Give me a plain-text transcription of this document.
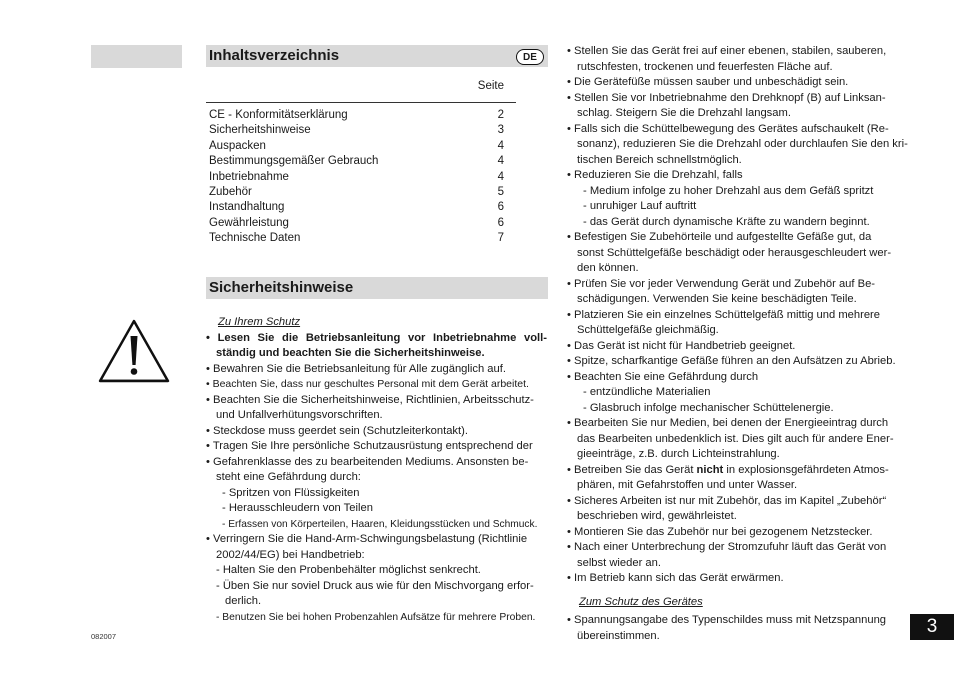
Inhaltsverzeichnis	DE
Seite
CE - Konformitätserklärung	2
Sicherheitshinweise	3
Auspacken	4
Bestimmungsgemäßer Gebrauch	4
Inbetriebnahme	4
Zubehör	5
Instandhaltung	6
Gewährleistung	6
Technische Daten	7
Sicherheitshinweise

Zu Ihrem Schutz

• Lesen Sie die Betriebsanleitung vor Inbetriebnahme voll-

ständig und beachten Sie die Sicherheitshinweise.

• Bewahren Sie die Betriebsanleitung für Alle zugänglich auf.

• Beachten Sie, dass nur geschultes Personal mit dem Gerät arbeitet.

• Beachten Sie die Sicherheitshinweise, Richtlinien, Arbeitsschutz-

und Unfallverhütungsvorschriften.

• Steckdose muss geerdet sein (Schutzleiterkontakt).

• Tragen Sie Ihre persönliche Schutzausrüstung entsprechend der

• Gefahrenklasse des zu bearbeitenden Mediums. Ansonsten be-

steht eine Gefährdung durch:

- Spritzen von Flüssigkeiten

- Herausschleudern von Teilen

- Erfassen von Körperteilen, Haaren, Kleidungsstücken und Schmuck.

• Verringern Sie die Hand-Arm-Schwingungsbelastung (Richtlinie

2002/44/EG) bei Handbetrieb:

- Halten Sie den Probenbehälter möglichst senkrecht.

- Üben Sie nur soviel Druck aus wie für den Mischvorgang erfor-

derlich.

- Benutzen Sie bei hohen Probenzahlen Aufsätze für mehrere Proben.

• Stellen Sie das Gerät frei auf einer ebenen, stabilen, sauberen,

rutschfesten, trockenen und feuerfesten Fläche auf.

• Die Gerätefüße müssen sauber und unbeschädigt sein.

• Stellen Sie vor Inbetriebnahme den Drehknopf (B) auf Linksan-

schlag. Steigern Sie die Drehzahl langsam.

• Falls sich die Schüttelbewegung des Gerätes aufschaukelt (Re-

sonanz), reduzieren Sie die Drehzahl oder durchlaufen Sie den kri-

tischen Bereich schnellstmöglich.

• Reduzieren Sie die Drehzahl, falls

- Medium infolge zu hoher Drehzahl aus dem Gefäß spritzt

- unruhiger Lauf auftritt

- das Gerät durch dynamische Kräfte zu wandern beginnt.

• Befestigen Sie Zubehörteile und aufgestellte Gefäße gut, da

sonst Schüttelgefäße beschädigt oder herausgeschleudert wer-

den können.

• Prüfen Sie vor jeder Verwendung Gerät und Zubehör auf Be-

schädigungen. Verwenden Sie keine beschädigten Teile.

• Platzieren Sie ein einzelnes Schüttelgefäß mittig und mehrere

Schüttelgefäße gleichmäßig.

• Das Gerät ist nicht für Handbetrieb geeignet.

• Spitze, scharfkantige Gefäße führen an den Aufsätzen zu Abrieb.

• Beachten Sie eine Gefährdung durch

- entzündliche Materialien

- Glasbruch infolge mechanischer Schüttelenergie.

• Bearbeiten Sie nur Medien, bei denen der Energieeintrag durch

das Bearbeiten unbedenklich ist. Dies gilt auch für andere Ener-

gieeinträge, z.B. durch Lichteinstrahlung.

• Betreiben Sie das Gerät nicht in explosionsgefährdeten Atmos-

phären, mit Gefahrstoffen und unter Wasser.

• Sicheres Arbeiten ist nur mit Zubehör, das im Kapitel „Zubehör“

beschrieben wird, gewährleistet.

• Montieren Sie das Zubehör nur bei gezogenem Netzstecker.

• Nach einer Unterbrechung der Stromzufuhr läuft das Gerät von

selbst wieder an.

• Im Betrieb kann sich das Gerät erwärmen.

Zum Schutz des Gerätes

• Spannungsangabe des Typenschildes muss mit Netzspannung

übereinstimmen.

082007	3
